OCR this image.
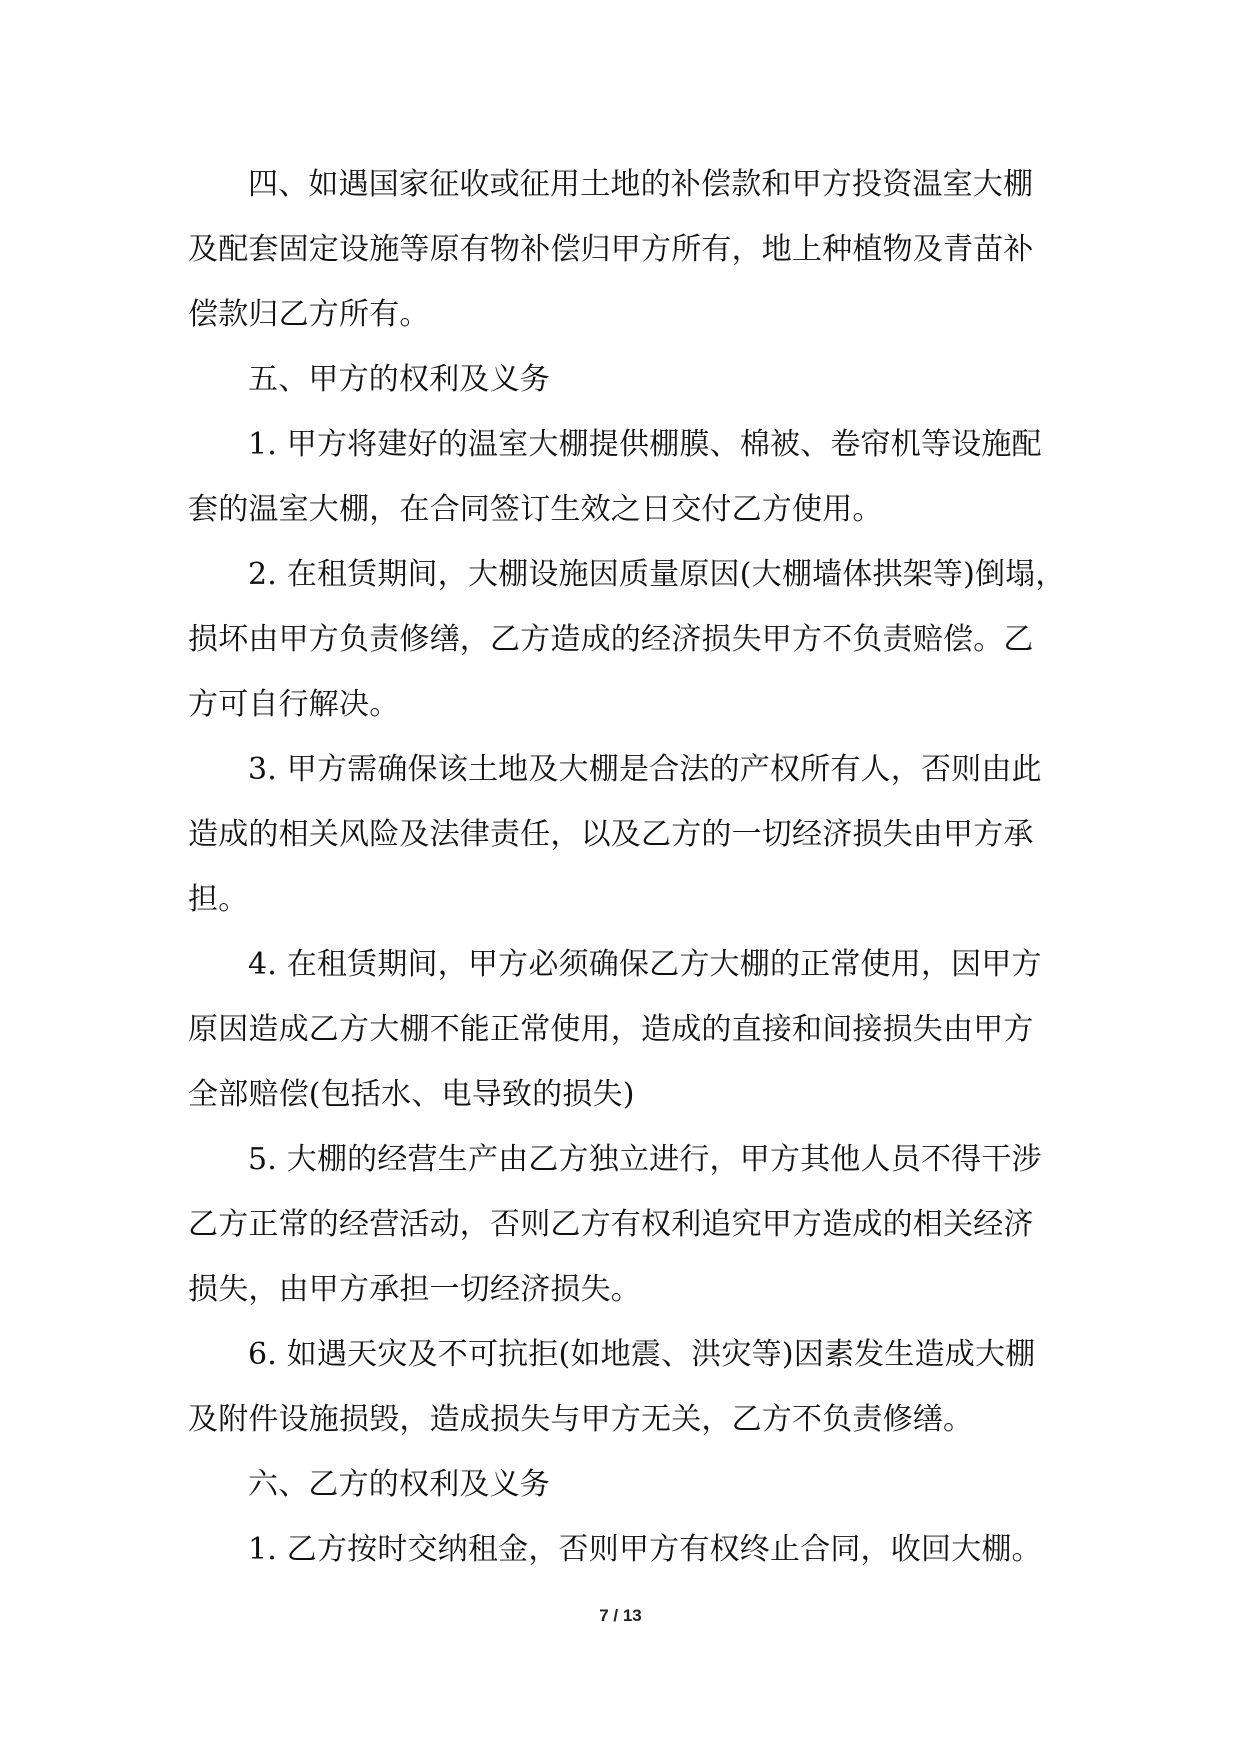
四、如遇国家征收或征用土地的补偿款和甲方投资温室大棚
及配套固定设施等原有物补偿归甲方所有，地上种植物及青苗补
偿款归乙方所有。
五、甲方的权利及义务
1. 甲方将建好的温室大棚提供棚膜、棉被、卷帘机等设施配
套的温室大棚，在合同签订生效之日交付乙方使用。
2. 在租赁期间，大棚设施因质量原因(大棚墙体拱架等)倒塌，
损坏由甲方负责修缮，乙方造成的经济损失甲方不负责赔偿。乙
方可自行解决。
3. 甲方需确保该土地及大棚是合法的产权所有人，否则由此
造成的相关风险及法律责任，以及乙方的一切经济损失由甲方承
担。
4. 在租赁期间，甲方必须确保乙方大棚的正常使用，因甲方
原因造成乙方大棚不能正常使用，造成的直接和间接损失由甲方
全部赔偿(包括水、电导致的损失)
5. 大棚的经营生产由乙方独立进行，甲方其他人员不得干涉
乙方正常的经营活动，否则乙方有权利追究甲方造成的相关经济
损失，由甲方承担一切经济损失。
6. 如遇天灾及不可抗拒(如地震、洪灾等)因素发生造成大棚
及附件设施损毁，造成损失与甲方无关，乙方不负责修缮。
六、乙方的权利及义务
1. 乙方按时交纳租金，否则甲方有权终止合同，收回大棚。
7 / 13
